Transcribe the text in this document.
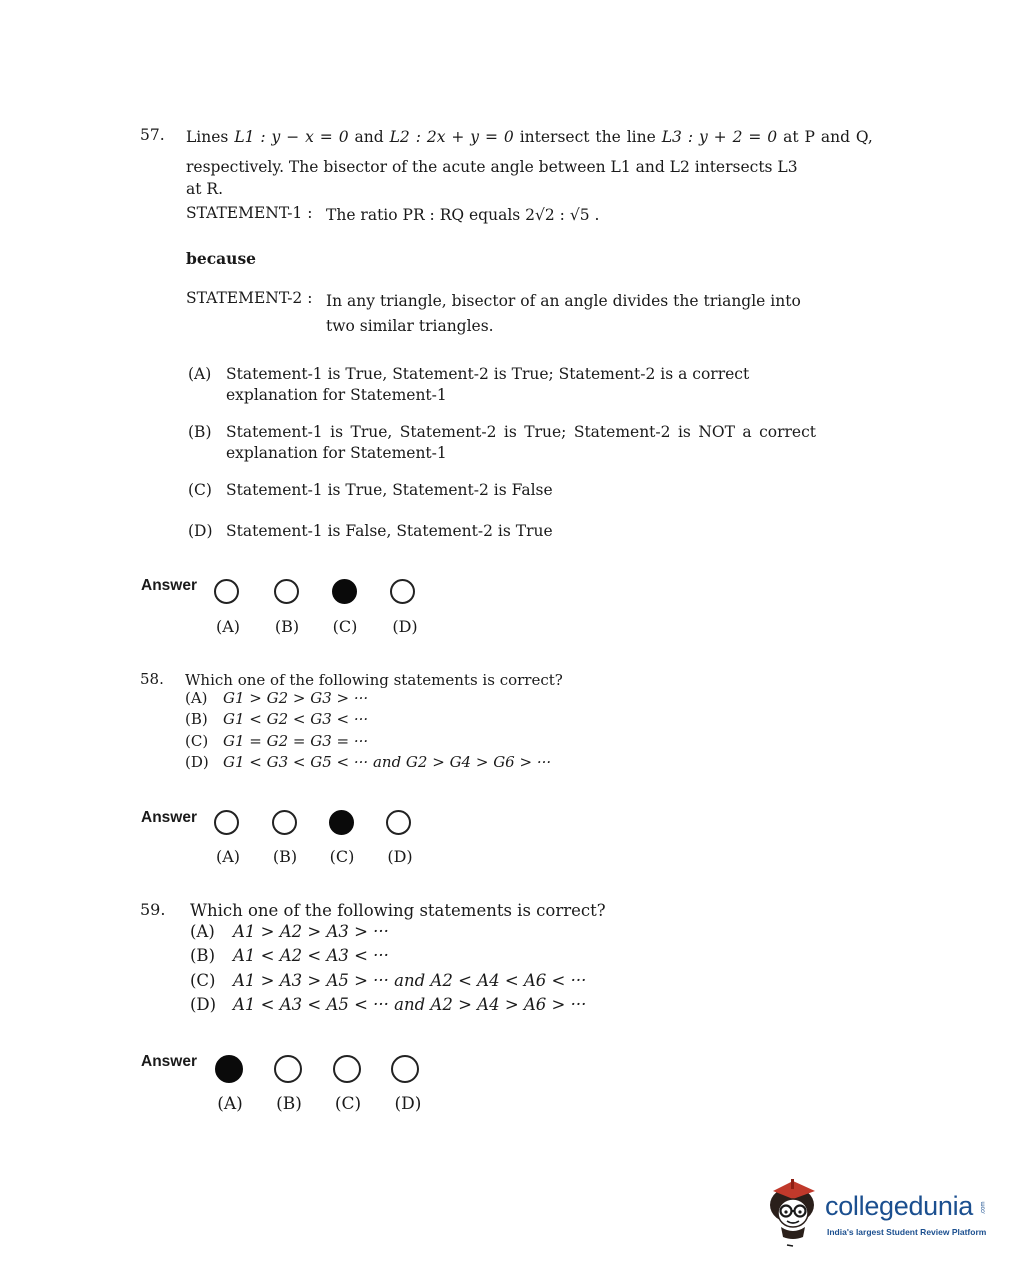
57. Lines L1 : y − x = 0 and L2 : 2x + y = 0 intersect the line L3 : y + 2 = 0 at P and Q,
respectively. The bisector of the acute angle between L1 and L2 intersects L3 at R.
STATEMENT-1 : The ratio PR : RQ equals 2√2 : √5 .
because
STATEMENT-2 : In any triangle, bisector of an angle divides the triangle into two similar triangles.
(A) Statement-1 is True, Statement-2 is True; Statement-2 is a correct explanation for Statement-1
(B) Statement-1 is True, Statement-2 is True; Statement-2 is NOT a correct explanation for Statement-1
(C) Statement-1 is True, Statement-2 is False
(D) Statement-1 is False, Statement-2 is True
Answer
(A)	(B)	(C)	(D)
58. Which one of the following statements is correct?
(A) G1 > G2 > G3 > ···
(B) G1 < G2 < G3 < ···
(C) G1 = G2 = G3 = ···
(D) G1 < G3 < G5 < ··· and G2 > G4 > G6 > ···
Answer
(A)	(B)	(C)	(D)
59. Which one of the following statements is correct?
(A) A1 > A2 > A3 > ···
(B) A1 < A2 < A3 < ···
(C) A1 > A3 > A5 > ··· and A2 < A4 < A6 < ···
(D) A1 < A3 < A5 < ··· and A2 > A4 > A6 > ···
Answer
(A)	(B)	(C)	(D)
collegedunia .com
India's largest Student Review Platform
